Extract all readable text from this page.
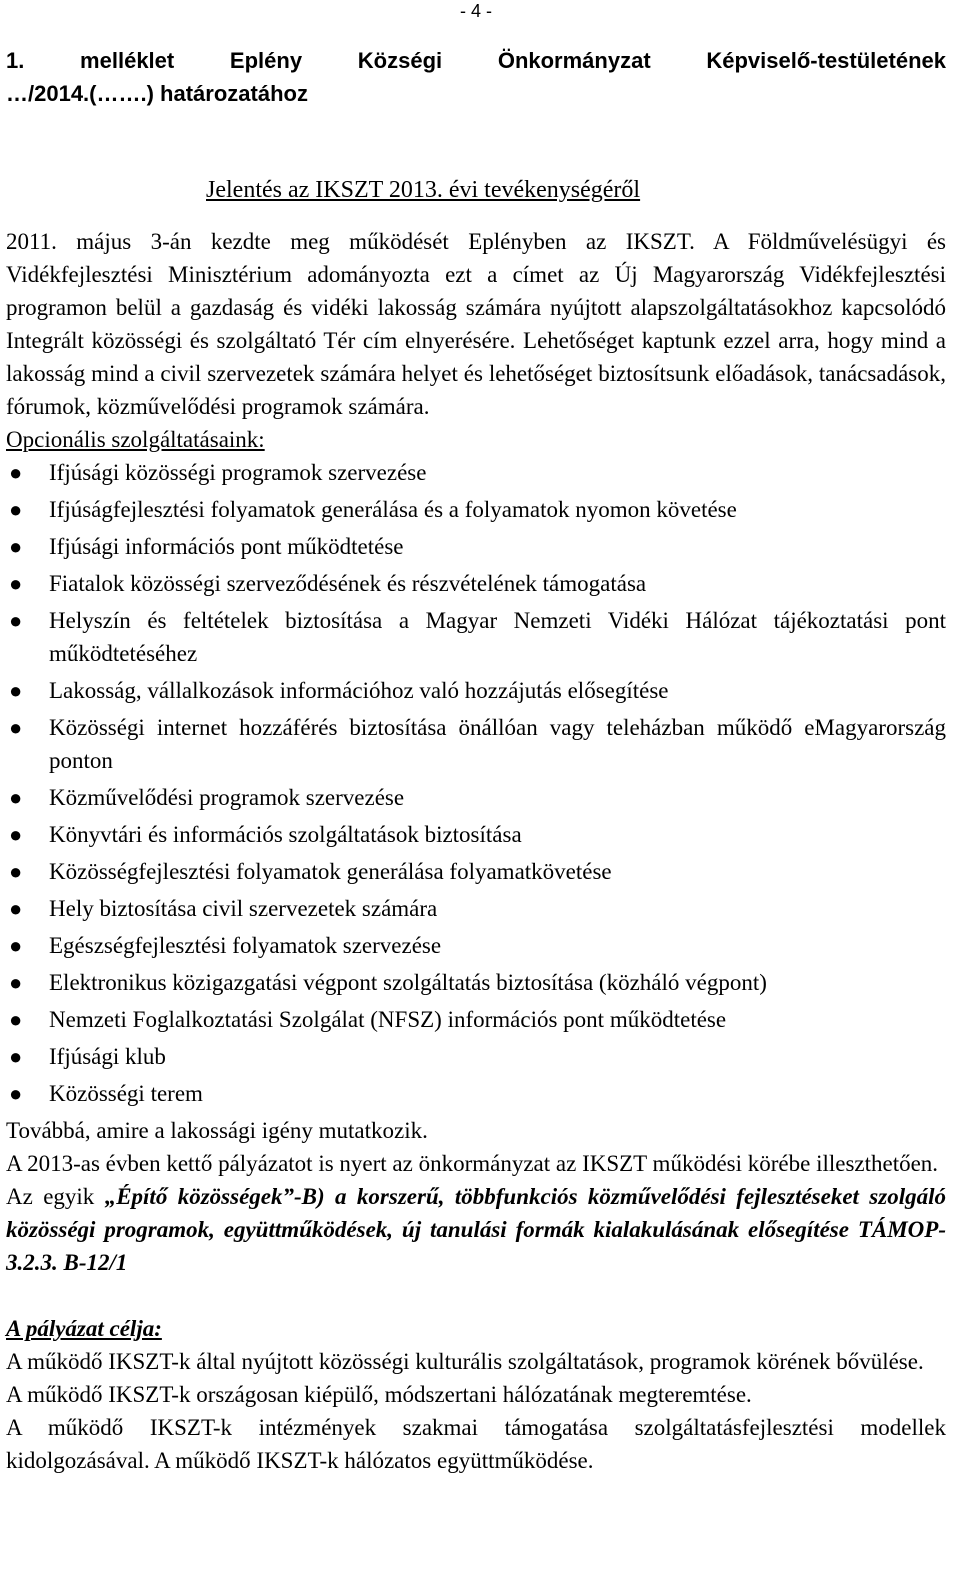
- 4 -
1. melléklet Eplény Községi Önkormányzat Képviselő-testületének
…/2014.(…….) határozatához
Jelentés az IKSZT 2013. évi tevékenységéről

2011. május 3-án kezdte meg működését Eplényben az IKSZT. A Földművelésügyi és Vidékfejlesztési Minisztérium adományozta ezt a címet az Új Magyarország Vidékfejlesztési programon belül a gazdaság és vidéki lakosság számára nyújtott alapszolgáltatásokhoz kapcsolódó Integrált közösségi és szolgáltató Tér cím elnyerésére. Lehetőséget kaptunk ezzel arra, hogy mind a lakosság mind a civil szervezetek számára helyet és lehetőséget biztosítsunk előadások, tanácsadások, fórumok, közművelődési programok számára.

Opcionális szolgáltatásaink:

● Ifjúsági közösségi programok szervezése
● Ifjúságfejlesztési folyamatok generálása és a folyamatok nyomon követése
● Ifjúsági információs pont működtetése
● Fiatalok közösségi szerveződésének és részvételének támogatása
● Helyszín és feltételek biztosítása a Magyar Nemzeti Vidéki Hálózat tájékoztatási pont működtetéséhez
● Lakosság, vállalkozások információhoz való hozzájutás elősegítése
● Közösségi internet hozzáférés biztosítása önállóan vagy teleházban működő eMagyarország ponton
● Közművelődési programok szervezése
● Könyvtári és információs szolgáltatások biztosítása
● Közösségfejlesztési folyamatok generálása folyamatkövetése
● Hely biztosítása civil szervezetek számára
● Egészségfejlesztési folyamatok szervezése
● Elektronikus közigazgatási végpont szolgáltatás biztosítása (közháló végpont)
● Nemzeti Foglalkoztatási Szolgálat (NFSZ) információs pont működtetése
● Ifjúsági klub
● Közösségi terem

Továbbá, amire a lakossági igény mutatkozik.

A 2013-as évben kettő pályázatot is nyert az önkormányzat az IKSZT működési körébe illeszthetően.

Az egyik „Építő közösségek”-B) a korszerű, többfunkciós közművelődési fejlesztéseket szolgáló közösségi programok, együttműködések, új tanulási formák kialakulásának elősegítése TÁMOP-3.2.3. B-12/1

A pályázat célja:

A működő IKSZT-k által nyújtott közösségi kulturális szolgáltatások, programok körének bővülése.

A működő IKSZT-k országosan kiépülő, módszertani hálózatának megteremtése.

A működő IKSZT-k intézmények szakmai támogatása szolgáltatásfejlesztési modellek kidolgozásával. A működő IKSZT-k hálózatos együttműködése.
